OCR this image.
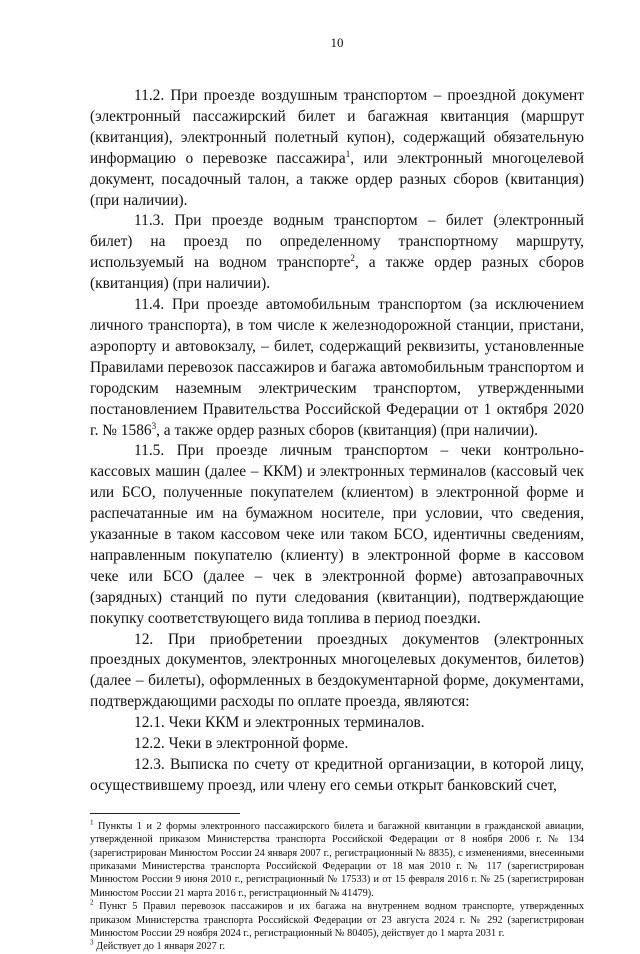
10

11.2. При проезде воздушным транспортом – проездной документ (электронный пассажирский билет и багажная квитанция (маршрут (квитанция), электронный полетный купон), содержащий обязательную информацию о перевозке пассажира$^1$, или электронный многоцелевой документ, посадочный талон, а также ордер разных сборов (квитанция) (при наличии).

11.3. При проезде водным транспортом – билет (электронный билет) на проезд по определенному транспортному маршруту, используемый на водном транспорте$^2$, а также ордер разных сборов (квитанция) (при наличии).

11.4. При проезде автомобильным транспортом (за исключением личного транспорта), в том числе к железнодорожной станции, пристани, аэропорту и автовокзалу, – билет, содержащий реквизиты, установленные Правилами перевозок пассажиров и багажа автомобильным транспортом и городским наземным электрическим транспортом, утвержденными постановлением Правительства Российской Федерации от 1 октября 2020 г. № 1586$^3$, а также ордер разных сборов (квитанция) (при наличии).

11.5. При проезде личным транспортом – чеки контрольно-кассовых машин (далее – ККМ) и электронных терминалов (кассовый чек или БСО, полученные покупателем (клиентом) в электронной форме и распечатанные им на бумажном носителе, при условии, что сведения, указанные в таком кассовом чеке или таком БСО, идентичны сведениям, направленным покупателю (клиенту) в электронной форме в кассовом чеке или БСО (далее – чек в электронной форме) автозаправочных (зарядных) станций по пути следования (квитанции), подтверждающие покупку соответствующего вида топлива в период поездки.

12. При приобретении проездных документов (электронных проездных документов, электронных многоцелевых документов, билетов) (далее – билеты), оформленных в бездокументарной форме, документами, подтверждающими расходы по оплате проезда, являются:

12.1. Чеки ККМ и электронных терминалов.

12.2. Чеки в электронной форме.

12.3. Выписка по счету от кредитной организации, в которой лицу, осуществившему проезд, или члену его семьи открыт банковский счет,

$^1$ Пункты 1 и 2 формы электронного пассажирского билета и багажной квитанции в гражданской авиации, утвержденной приказом Министерства транспорта Российской Федерации от 8 ноября 2006 г. № 134 (зарегистрирован Минюстом России 24 января 2007 г., регистрационный № 8835), с изменениями, внесенными приказами Министерства транспорта Российской Федерации от 18 мая 2010 г. № 117 (зарегистрирован Минюстом России 9 июня 2010 г., регистрационный № 17533) и от 15 февраля 2016 г. № 25 (зарегистрирован Минюстом России 21 марта 2016 г., регистрационный № 41479).

$^2$ Пункт 5 Правил перевозок пассажиров и их багажа на внутреннем водном транспорте, утвержденных приказом Министерства транспорта Российской Федерации от 23 августа 2024 г. № 292 (зарегистрирован Минюстом России 29 ноября 2024 г., регистрационный № 80405), действует до 1 марта 2031 г.

$^3$ Действует до 1 января 2027 г.
